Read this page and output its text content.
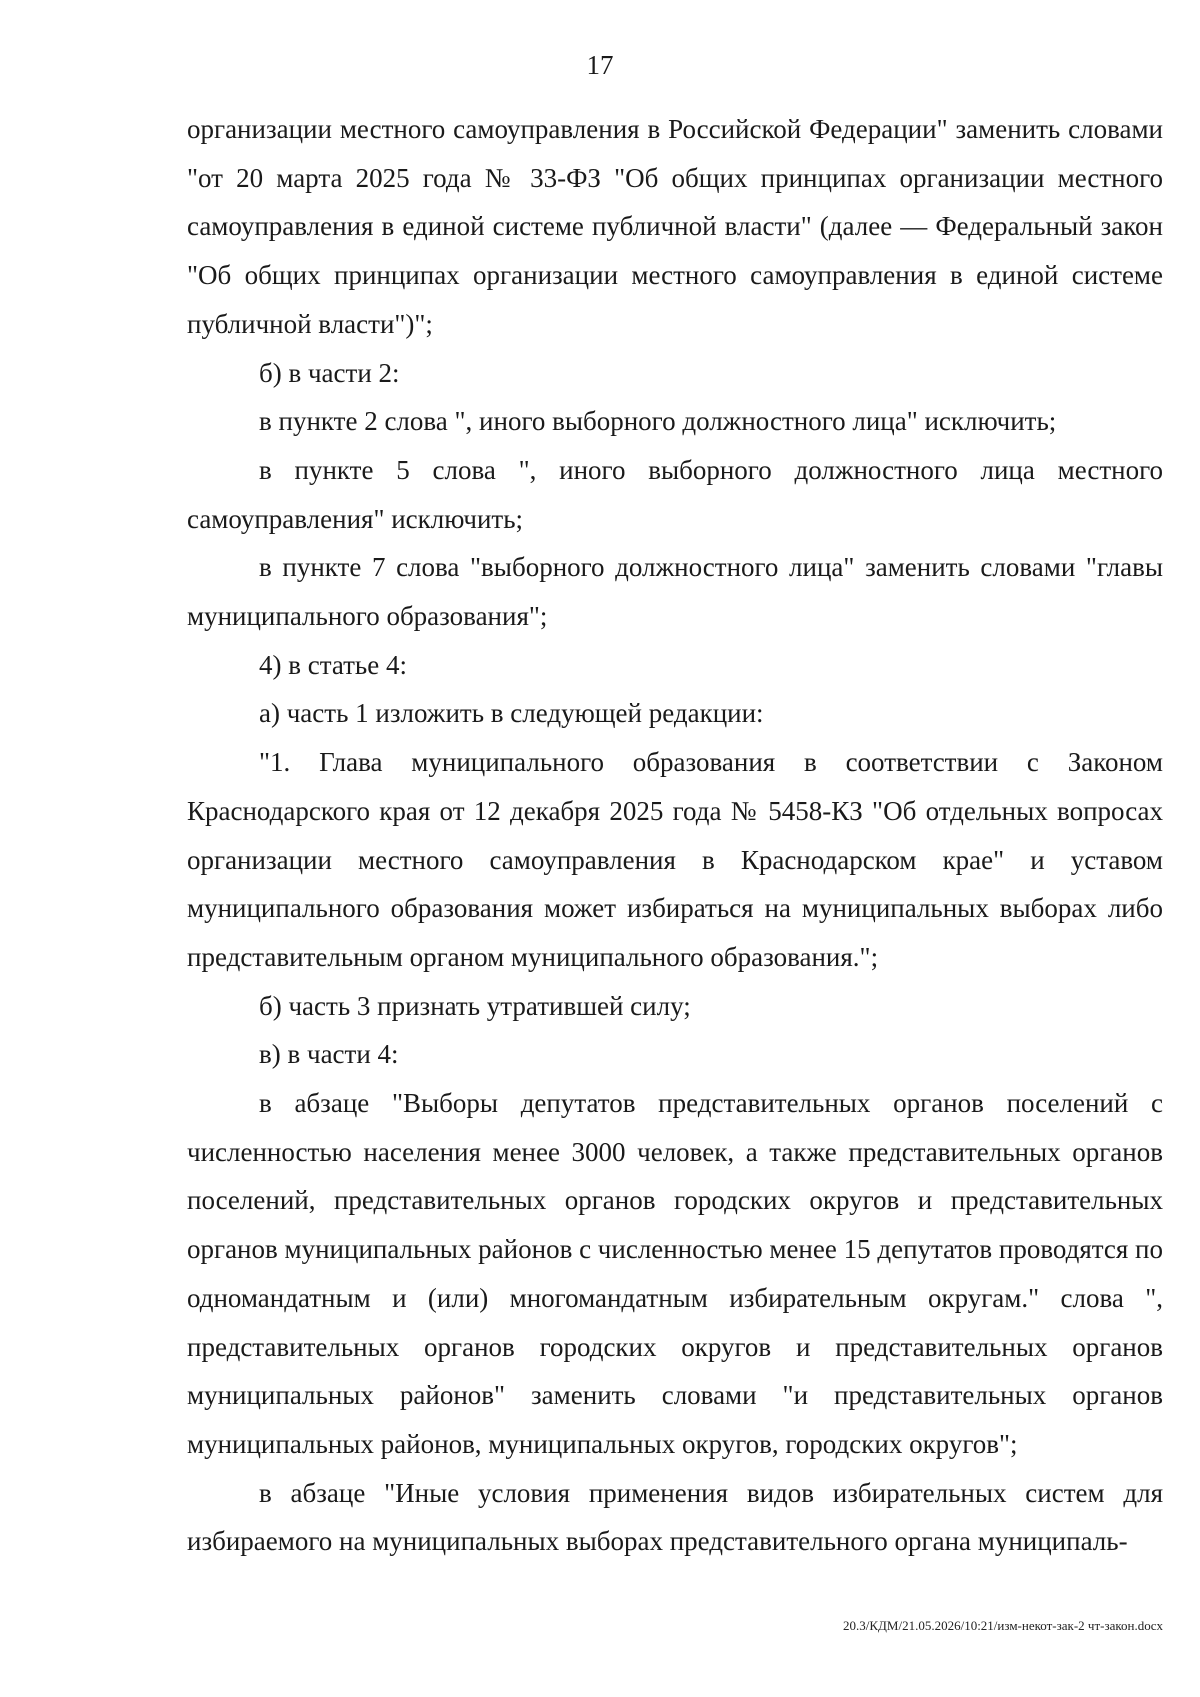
17

организации местного самоуправления в Российской Федерации" заменить словами "от 20 марта 2025 года № 33-ФЗ "Об общих принципах организации местного самоуправления в единой системе публичной власти" (далее — Федеральный закон "Об общих принципах организации местного самоуправления в единой системе публичной власти")";

б) в части 2:

в пункте 2 слова ", иного выборного должностного лица" исключить;

в пункте 5 слова ", иного выборного должностного лица местного самоуправления" исключить;

в пункте 7 слова "выборного должностного лица" заменить словами "главы муниципального образования";

4) в статье 4:

а) часть 1 изложить в следующей редакции:

"1. Глава муниципального образования в соответствии с Законом Краснодарского края от 12 декабря 2025 года № 5458-КЗ "Об отдельных вопросах организации местного самоуправления в Краснодарском крае" и уставом муниципального образования может избираться на муниципальных выборах либо представительным органом муниципального образования.";

б) часть 3 признать утратившей силу;

в) в части 4:

в абзаце "Выборы депутатов представительных органов поселений с численностью населения менее 3000 человек, а также представительных органов поселений, представительных органов городских округов и представительных органов муниципальных районов с численностью менее 15 депутатов проводятся по одномандатным и (или) многомандатным избирательным округам." слова ", представительных органов городских округов и представительных органов муниципальных районов" заменить словами "и представительных органов муниципальных районов, муниципальных округов, городских округов";

в абзаце "Иные условия применения видов избирательных систем для избираемого на муниципальных выборах представительного органа муниципаль-

20.3/КДМ/21.05.2026/10:21/изм-некот-зак-2 чт-закон.docx
